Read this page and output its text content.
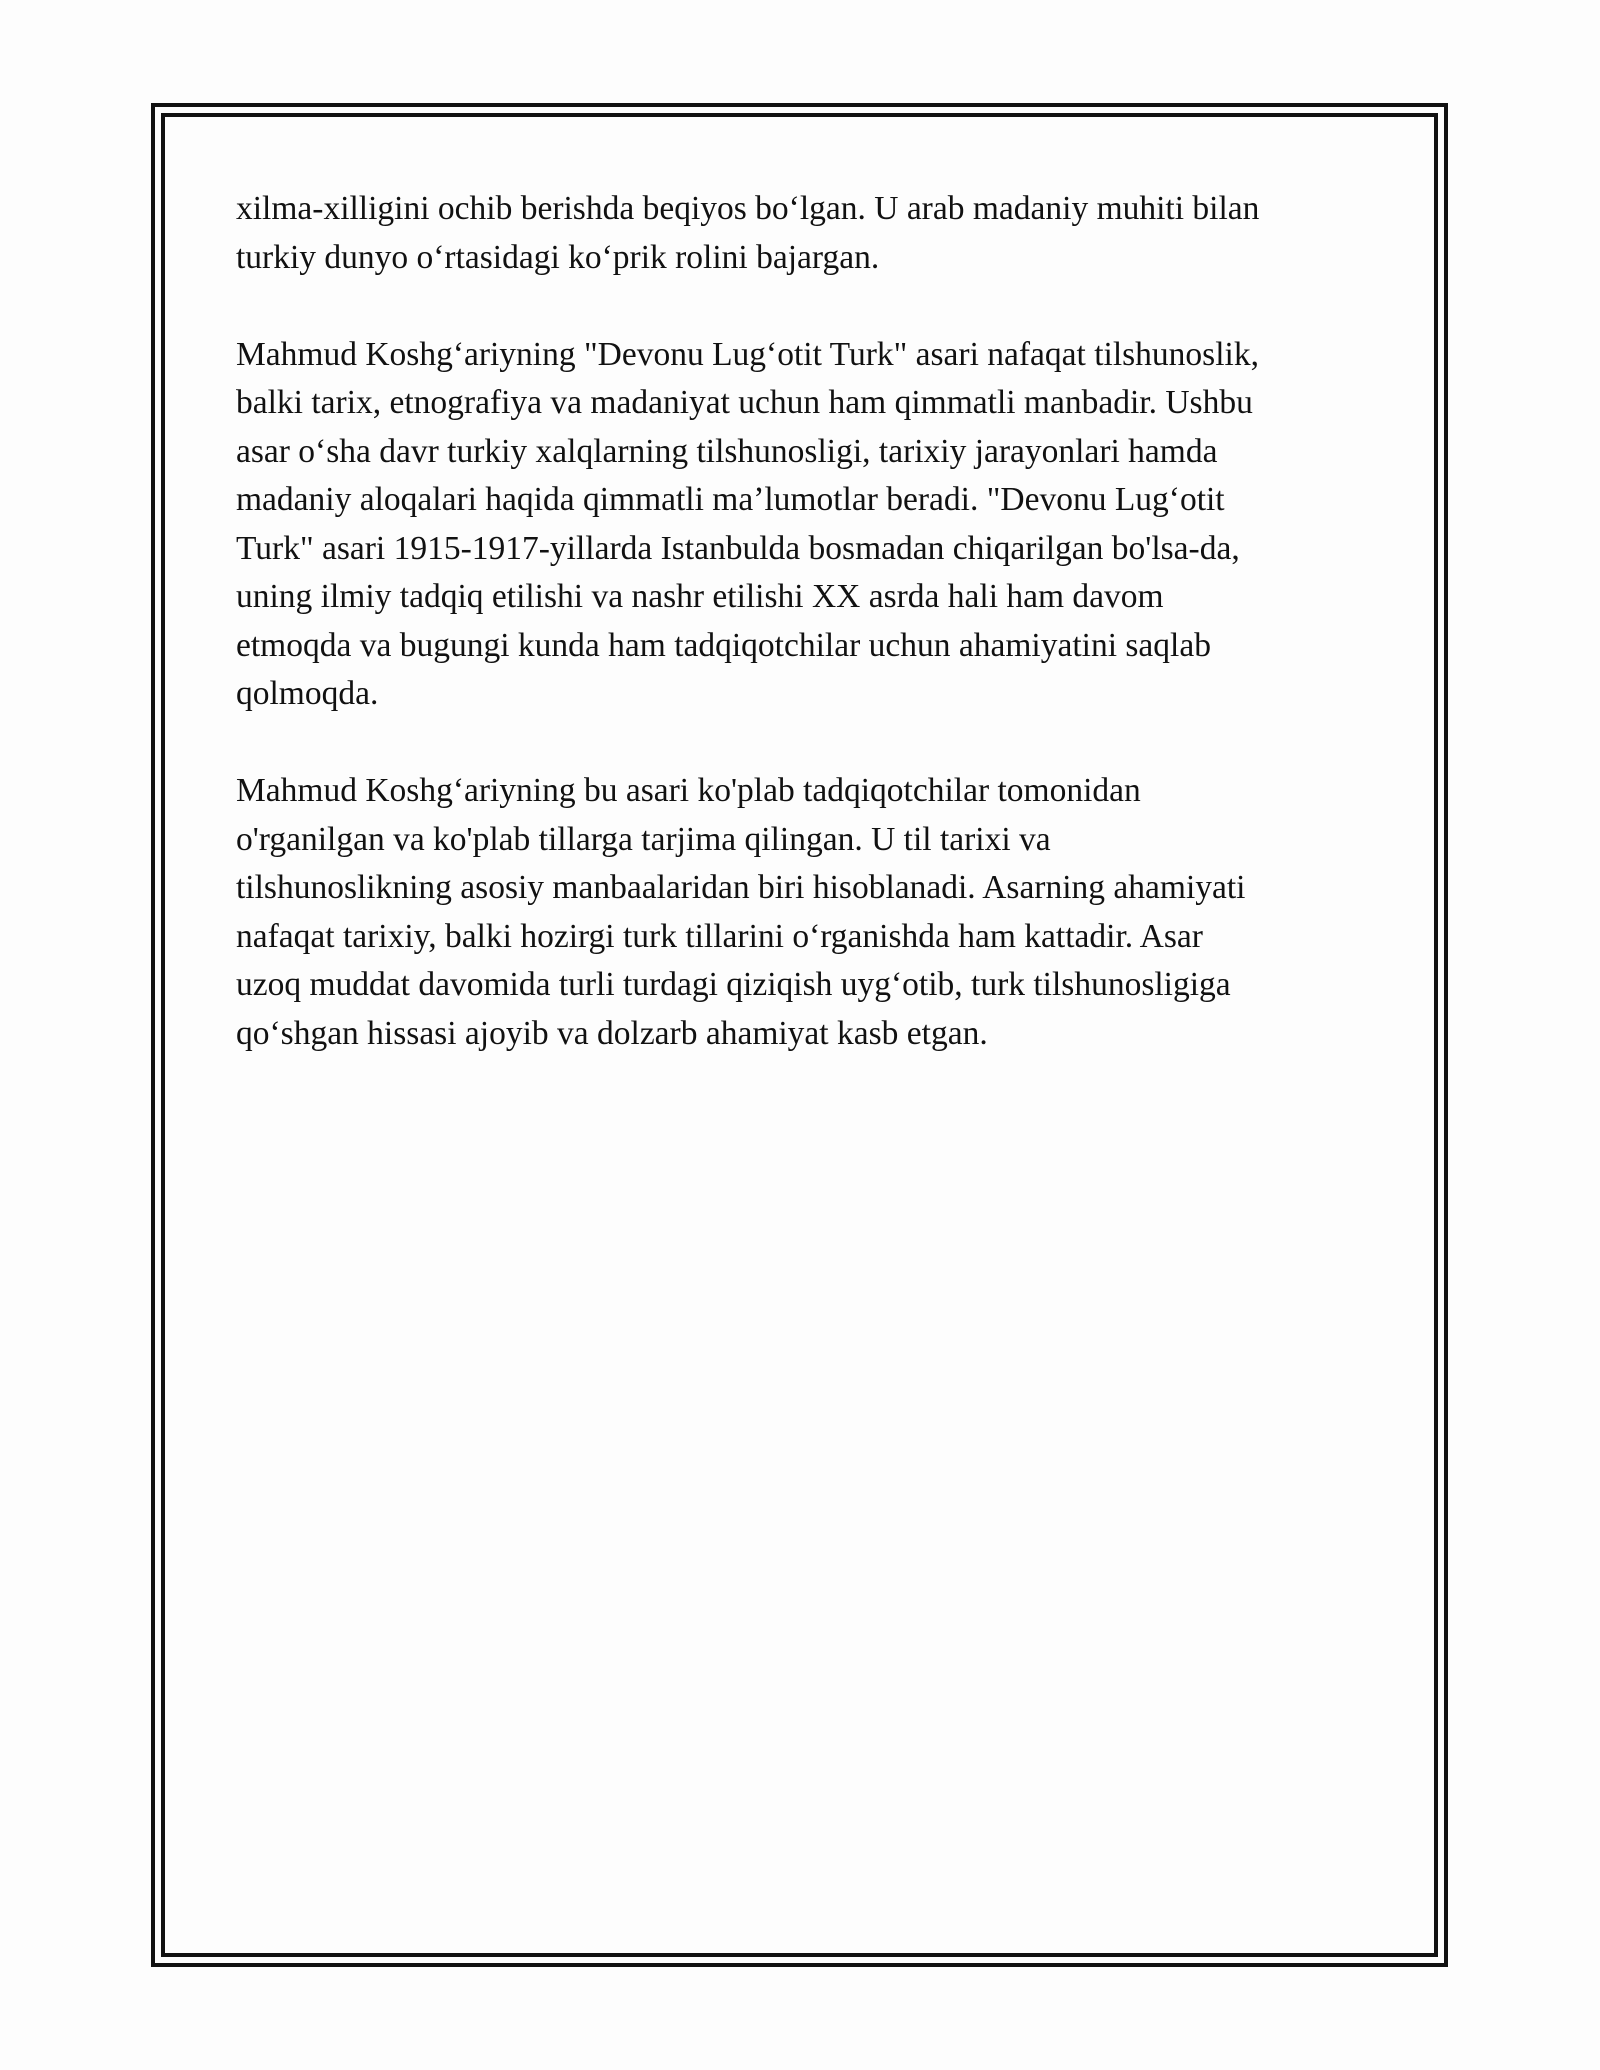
xilma-xilligini ochib berishda beqiyos boʻlgan. U arab madaniy muhiti bilan
turkiy dunyo oʻrtasidagi koʻprik rolini bajargan.

Mahmud Koshgʻariyning "Devonu Lugʻotit Turk" asari nafaqat tilshunoslik,
balki tarix, etnografiya va madaniyat uchun ham qimmatli manbadir. Ushbu
asar oʻsha davr turkiy xalqlarning tilshunosligi, tarixiy jarayonlari hamda
madaniy aloqalari haqida qimmatli maʼlumotlar beradi. "Devonu Lugʻotit
Turk" asari 1915-1917-yillarda Istanbulda bosmadan chiqarilgan bo'lsa-da,
uning ilmiy tadqiq etilishi va nashr etilishi XX asrda hali ham davom
etmoqda va bugungi kunda ham tadqiqotchilar uchun ahamiyatini saqlab
qolmoqda.

Mahmud Koshgʻariyning bu asari ko'plab tadqiqotchilar tomonidan
o'rganilgan va ko'plab tillarga tarjima qilingan. U til tarixi va
tilshunoslikning asosiy manbaalaridan biri hisoblanadi. Asarning ahamiyati
nafaqat tarixiy, balki hozirgi turk tillarini oʻrganishda ham kattadir. Asar
uzoq muddat davomida turli turdagi qiziqish uygʻotib, turk tilshunosligiga
qoʻshgan hissasi ajoyib va dolzarb ahamiyat kasb etgan.
